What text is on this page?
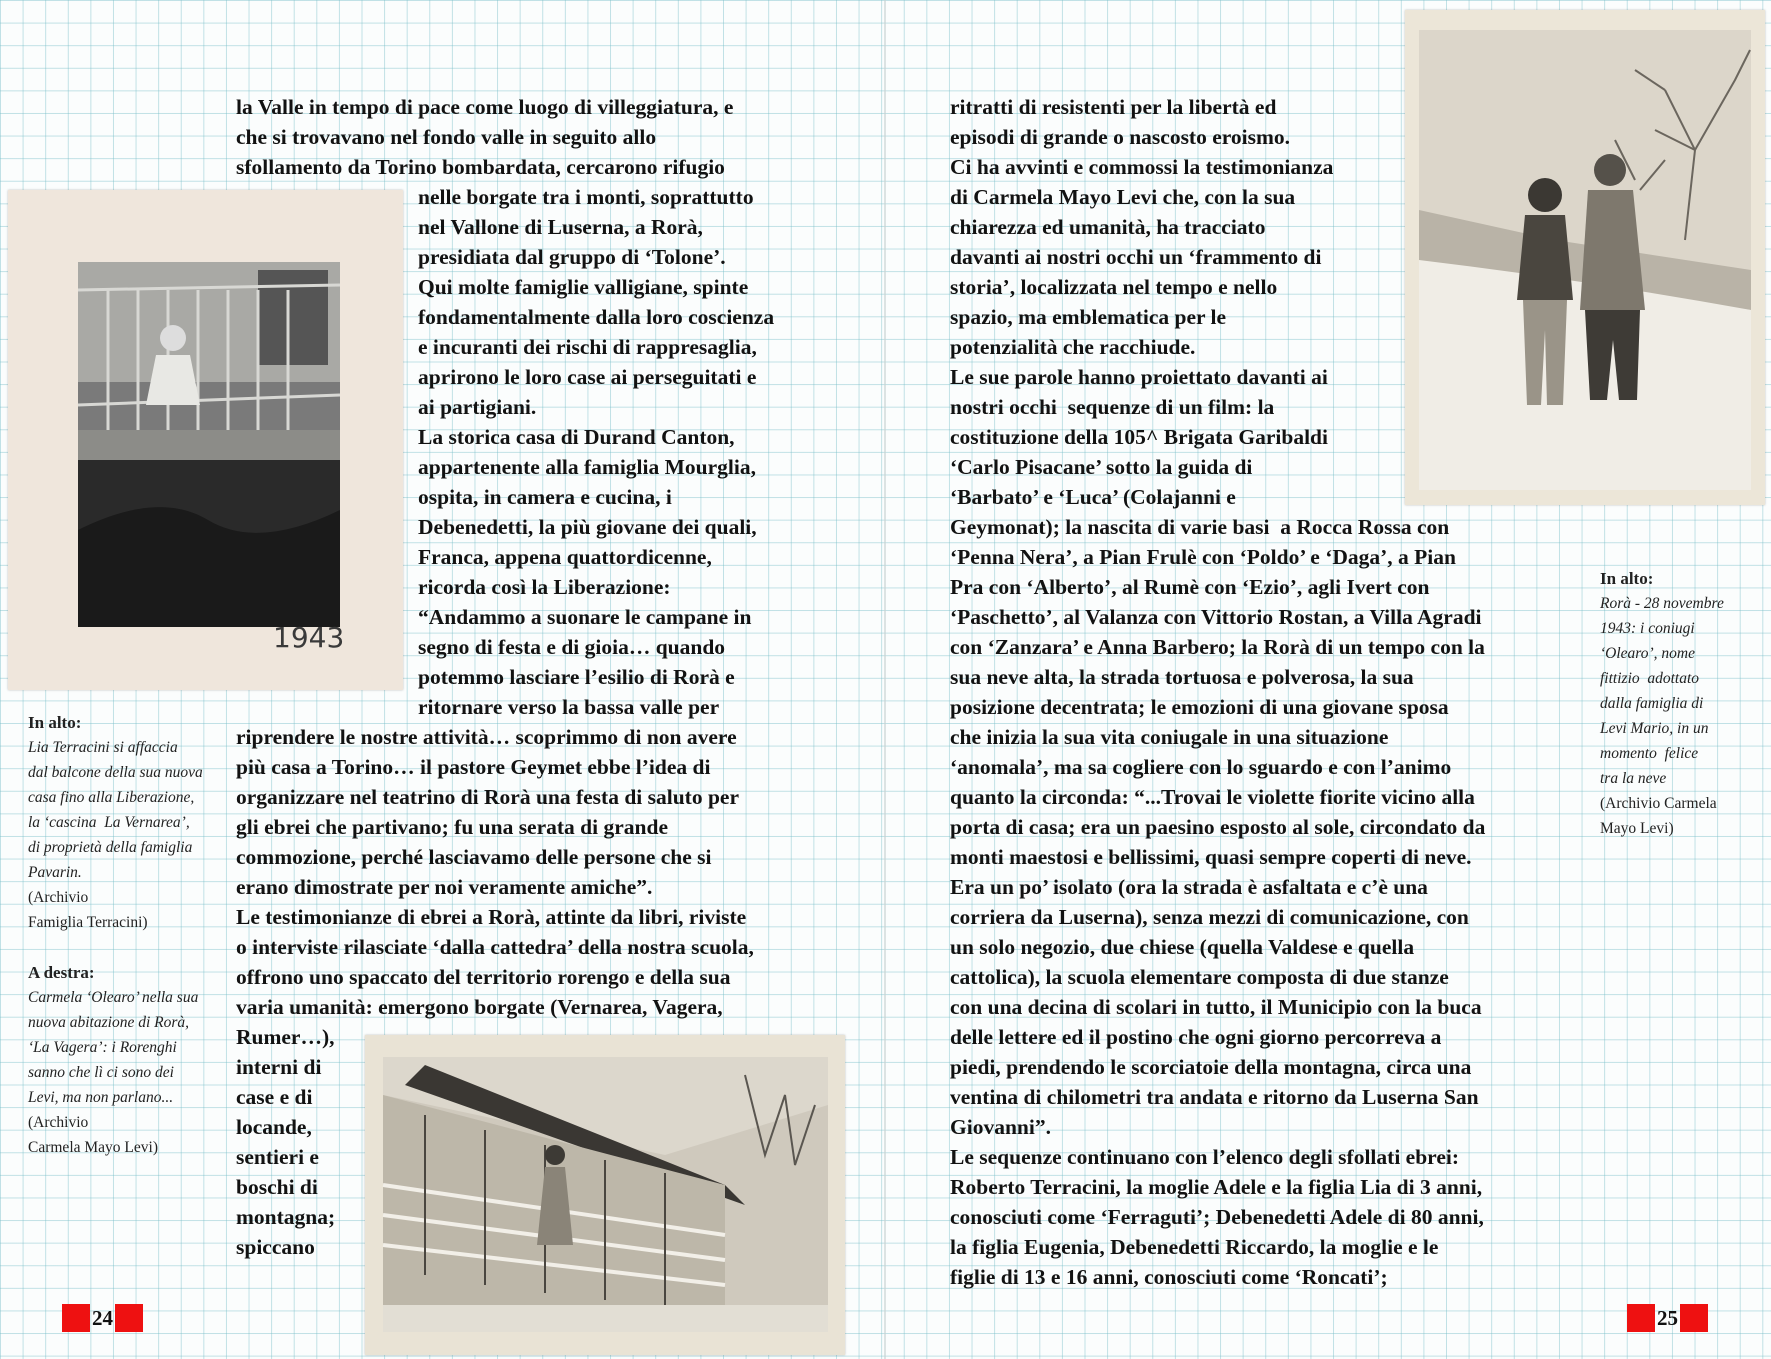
la Valle in tempo di pace come luogo di villeggiatura, e
che si trovavano nel fondo valle in seguito allo
sfollamento da Torino bombardata, cercarono rifugio

nelle borgate tra i monti, soprattutto
nel Vallone di Luserna, a Rorà,
presidiata dal gruppo di ‘Tolone’.
Qui molte famiglie valligiane, spinte
fondamentalmente dalla loro coscienza
e incuranti dei rischi di rappresaglia,
aprirono le loro case ai perseguitati e
ai partigiani.
La storica casa di Durand Canton,
appartenente alla famiglia Mourglia,
ospita, in camera e cucina, i
Debenedetti, la più giovane dei quali,
Franca, appena quattordicenne,
ricorda così la Liberazione:
“Andammo a suonare le campane in
segno di festa e di gioia… quando
potemmo lasciare l’esilio di Rorà e
ritornare verso la bassa valle per

riprendere le nostre attività… scoprimmo di non avere
più casa a Torino… il pastore Geymet ebbe l’idea di
organizzare nel teatrino di Rorà una festa di saluto per
gli ebrei che partivano; fu una serata di grande
commozione, perché lasciavamo delle persone che si
erano dimostrate per noi veramente amiche”.
Le testimonianze di ebrei a Rorà, attinte da libri, riviste
o interviste rilasciate ‘dalla cattedra’ della nostra scuola,
offrono uno spaccato del territorio rorengo e della sua
varia umanità: emergono borgate (Vernarea, Vagera,
Rumer…),

interni di
case e di
locande,
sentieri e
boschi di
montagna;
spiccano

1943
In alto:
Lia Terracini si affaccia
dal balcone della sua nuova
casa fino alla Liberazione,
la ‘cascina  La Vernarea’,
di proprietà della famiglia
Pavarin.
(Archivio
Famiglia Terracini)
A destra:
Carmela ‘Olearo’ nella sua
nuova abitazione di Rorà,
‘La Vagera’: i Rorenghi
sanno che lì ci sono dei
Levi, ma non parlano...
(Archivio
Carmela Mayo Levi)
24

ritratti di resistenti per la libertà ed
episodi di grande o nascosto eroismo.
Ci ha avvinti e commossi la testimonianza
di Carmela Mayo Levi che, con la sua
chiarezza ed umanità, ha tracciato
davanti ai nostri occhi un ‘frammento di
storia’, localizzata nel tempo e nello
spazio, ma emblematica per le
potenzialità che racchiude.
Le sue parole hanno proiettato davanti ai
nostri occhi  sequenze di un film: la
costituzione della 105^ Brigata Garibaldi
‘Carlo Pisacane’ sotto la guida di
‘Barbato’ e ‘Luca’ (Colajanni e

Geymonat); la nascita di varie basi  a Rocca Rossa con
‘Penna Nera’, a Pian Frulè con ‘Poldo’ e ‘Daga’, a Pian
Pra con ‘Alberto’, al Rumè con ‘Ezio’, agli Ivert con
‘Paschetto’, al Valanza con Vittorio Rostan, a Villa Agradi
con ‘Zanzara’ e Anna Barbero; la Rorà di un tempo con la
sua neve alta, la strada tortuosa e polverosa, la sua
posizione decentrata; le emozioni di una giovane sposa
che inizia la sua vita coniugale in una situazione
‘anomala’, ma sa cogliere con lo sguardo e con l’animo
quanto la circonda: “...Trovai le violette fiorite vicino alla
porta di casa; era un paesino esposto al sole, circondato da
monti maestosi e bellissimi, quasi sempre coperti di neve.
Era un po’ isolato (ora la strada è asfaltata e c’è una
corriera da Luserna), senza mezzi di comunicazione, con
un solo negozio, due chiese (quella Valdese e quella
cattolica), la scuola elementare composta di due stanze
con una decina di scolari in tutto, il Municipio con la buca
delle lettere ed il postino che ogni giorno percorreva a
piedi, prendendo le scorciatoie della montagna, circa una
ventina di chilometri tra andata e ritorno da Luserna San
Giovanni”.
Le sequenze continuano con l’elenco degli sfollati ebrei:
Roberto Terracini, la moglie Adele e la figlia Lia di 3 anni,
conosciuti come ‘Ferraguti’; Debenedetti Adele di 80 anni,
la figlia Eugenia, Debenedetti Riccardo, la moglie e le
figlie di 13 e 16 anni, conosciuti come ‘Roncati’;

In alto:
Rorà - 28 novembre
1943: i coniugi
‘Olearo’, nome
fittizio  adottato
dalla famiglia di
Levi Mario, in un
momento  felice
tra la neve
(Archivio Carmela
Mayo Levi)
25
